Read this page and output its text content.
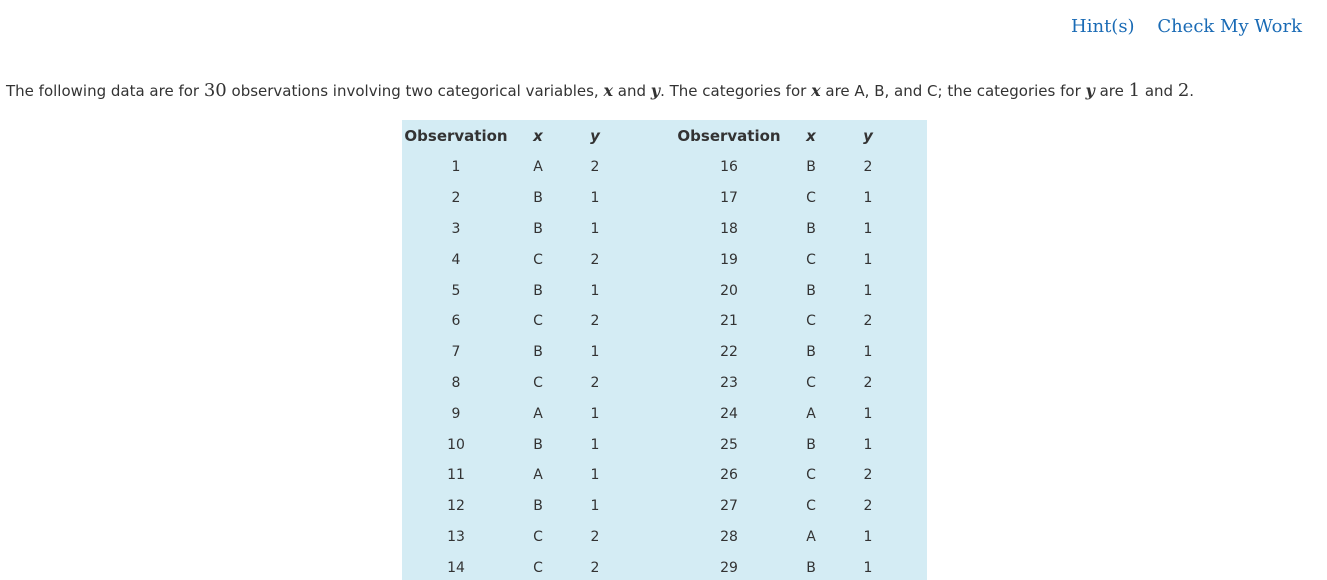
Hint(s) Check My Work
The following data are for 30 observations involving two categorical variables, x and y. The categories for x are A, B, and C; the categories for y are 1 and 2.
Observation	x	y		Observation	x	y
1	A	2		16	B	2
2	B	1		17	C	1
3	B	1		18	B	1
4	C	2		19	C	1
5	B	1		20	B	1
6	C	2		21	C	2
7	B	1		22	B	1
8	C	2		23	C	2
9	A	1		24	A	1
10	B	1		25	B	1
11	A	1		26	C	2
12	B	1		27	C	2
13	C	2		28	A	1
14	C	2		29	B	1
